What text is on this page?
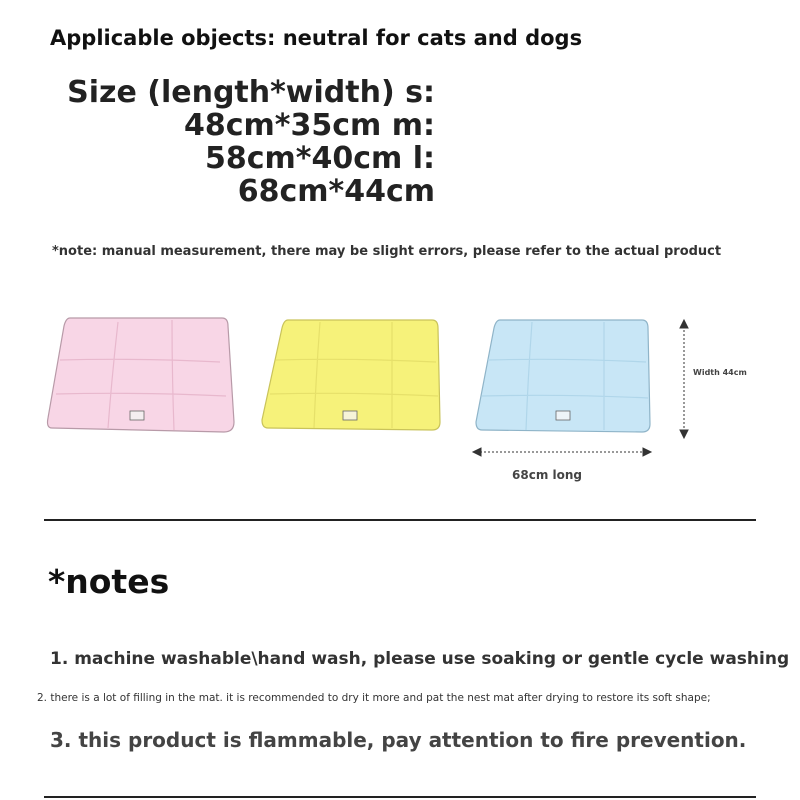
Applicable objects: neutral for cats and dogs
Size (length*width) s:
48cm*35cm m:
58cm*40cm l:
68cm*44cm
*note: manual measurement, there may be slight errors, please refer to the actual product
Width 44cm
68cm long
*notes
1. machine washable\hand wash, please use soaking or gentle cycle washing
2. there is a lot of filling in the mat. it is recommended to dry it more and pat the nest mat after drying to restore its soft shape;
3. this product is flammable, pay attention to fire prevention.
